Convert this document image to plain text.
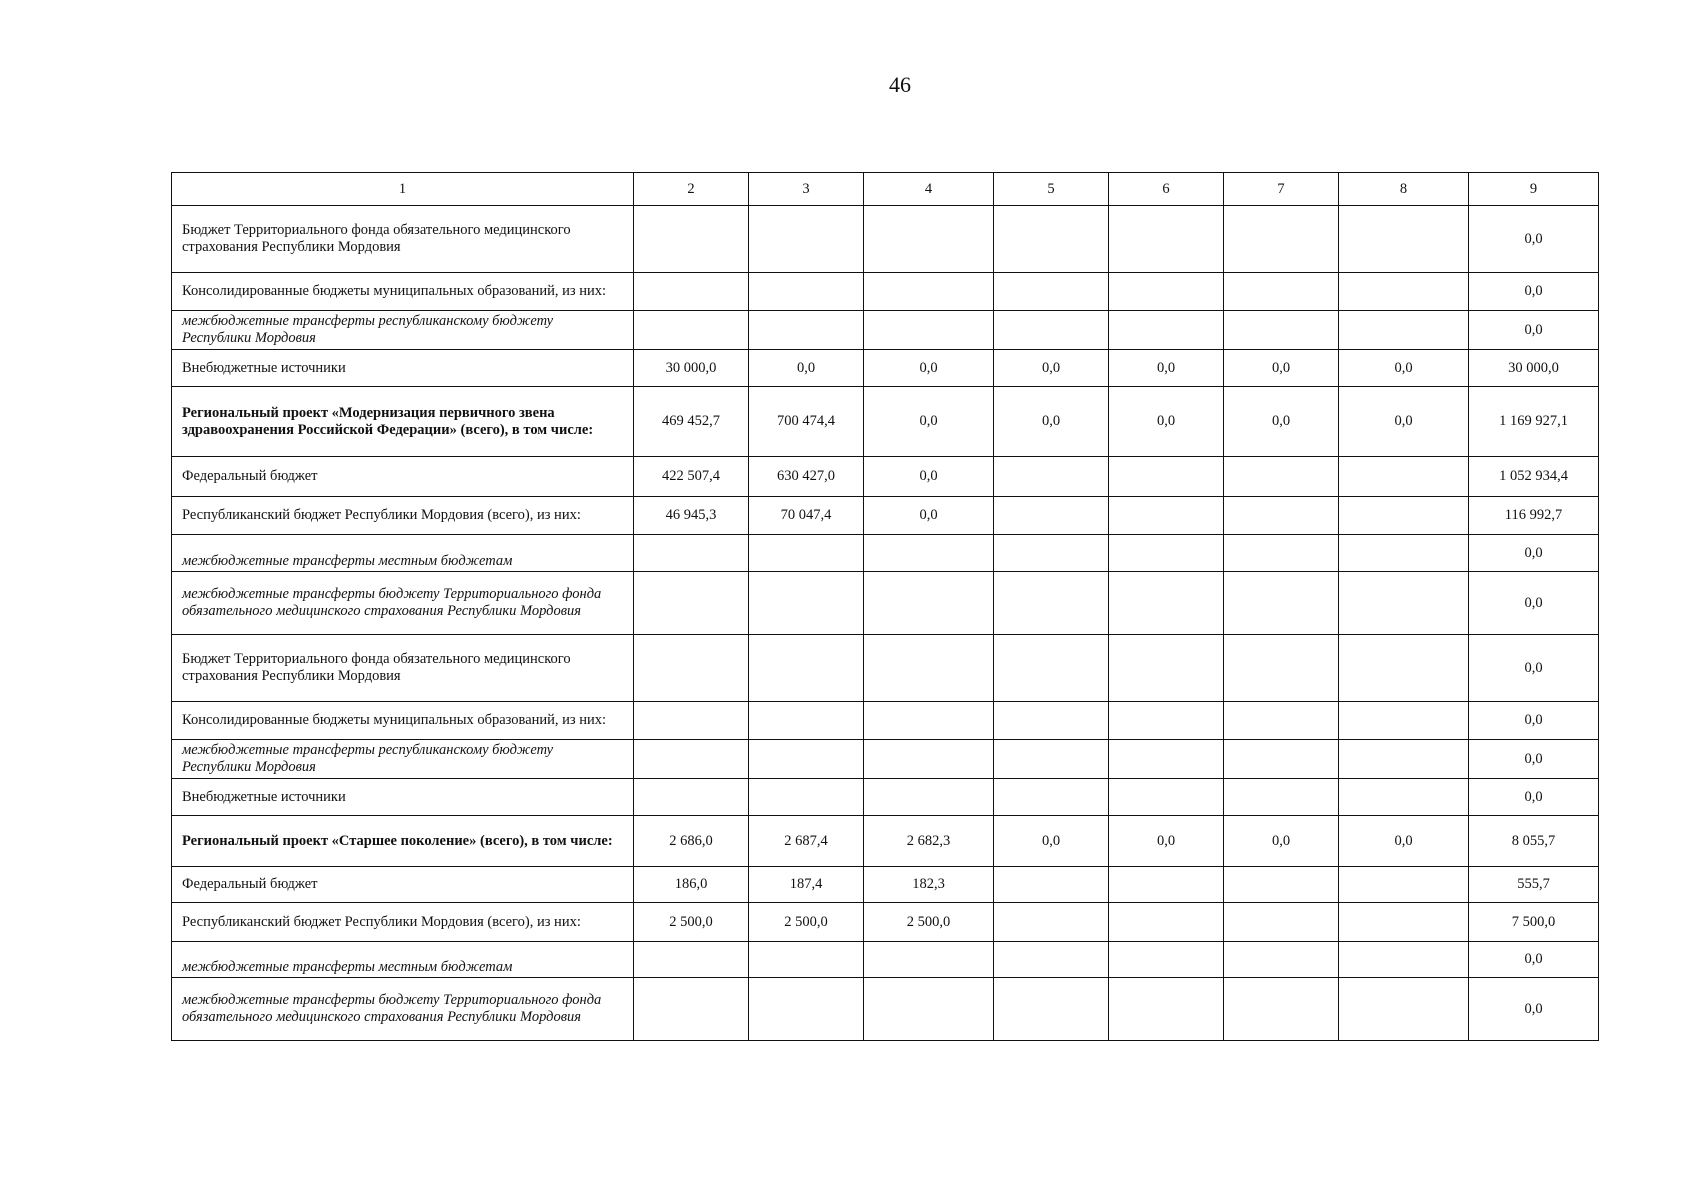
46
1	2	3	4	5	6	7	8	9
Бюджет Территориального фонда обязательного медицинского страхования Республики Мордовия								0,0
Консолидированные бюджеты муниципальных образований, из них:								0,0
межбюджетные трансферты республиканскому бюджету Республики Мордовия								0,0
Внебюджетные источники	30 000,0	0,0	0,0	0,0	0,0	0,0	0,0	30 000,0
Региональный проект «Модернизация первичного звена здравоохранения Российской Федерации» (всего), в том числе:	469 452,7	700 474,4	0,0	0,0	0,0	0,0	0,0	1 169 927,1
Федеральный бюджет	422 507,4	630 427,0	0,0					1 052 934,4
Республиканский бюджет Республики Мордовия (всего), из них:	46 945,3	70 047,4	0,0					116 992,7
межбюджетные трансферты местным бюджетам								0,0
межбюджетные трансферты бюджету Территориального фонда обязательного медицинского страхования Республики Мордовия								0,0
Бюджет Территориального фонда обязательного медицинского страхования Республики Мордовия								0,0
Консолидированные бюджеты муниципальных образований, из них:								0,0
межбюджетные трансферты республиканскому бюджету Республики Мордовия								0,0
Внебюджетные источники								0,0
Региональный проект «Старшее поколение» (всего), в том числе:	2 686,0	2 687,4	2 682,3	0,0	0,0	0,0	0,0	8 055,7
Федеральный бюджет	186,0	187,4	182,3					555,7
Республиканский бюджет Республики Мордовия (всего), из них:	2 500,0	2 500,0	2 500,0					7 500,0
межбюджетные трансферты местным бюджетам								0,0
межбюджетные трансферты бюджету Территориального фонда обязательного медицинского страхования Республики Мордовия								0,0
